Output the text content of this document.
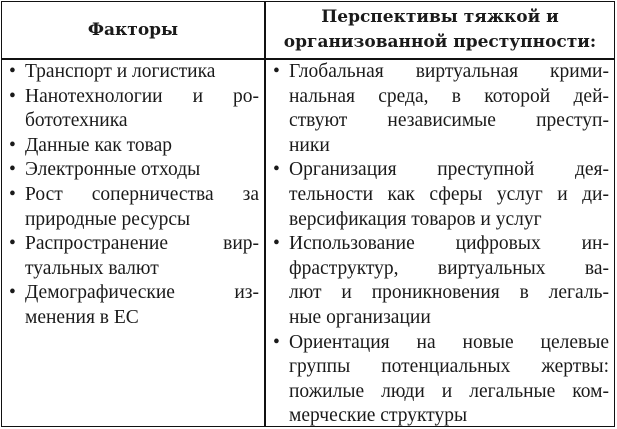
Факторы
Перспективы тяжкой и
организованной преступности:
• Транспорт и логистика
• Нанотехнологии и ро-
бототехника
• Данные как товар
• Электронные отходы
• Рост соперничества за
природные ресурсы
• Распространение вир-
туальных валют
• Демографические из-
менения в ЕС
• Глобальная виртуальная крими-
нальная среда, в которой дей-
ствуют независимые преступ-
ники
• Организация преступной дея-
тельности как сферы услуг и ди-
версификация товаров и услуг
• Использование цифровых ин-
фраструктур, виртуальных ва-
лют и проникновения в легаль-
ные организации
• Ориентация на новые целевые
группы потенциальных жертвы:
пожилые люди и легальные ком-
мерческие структуры
